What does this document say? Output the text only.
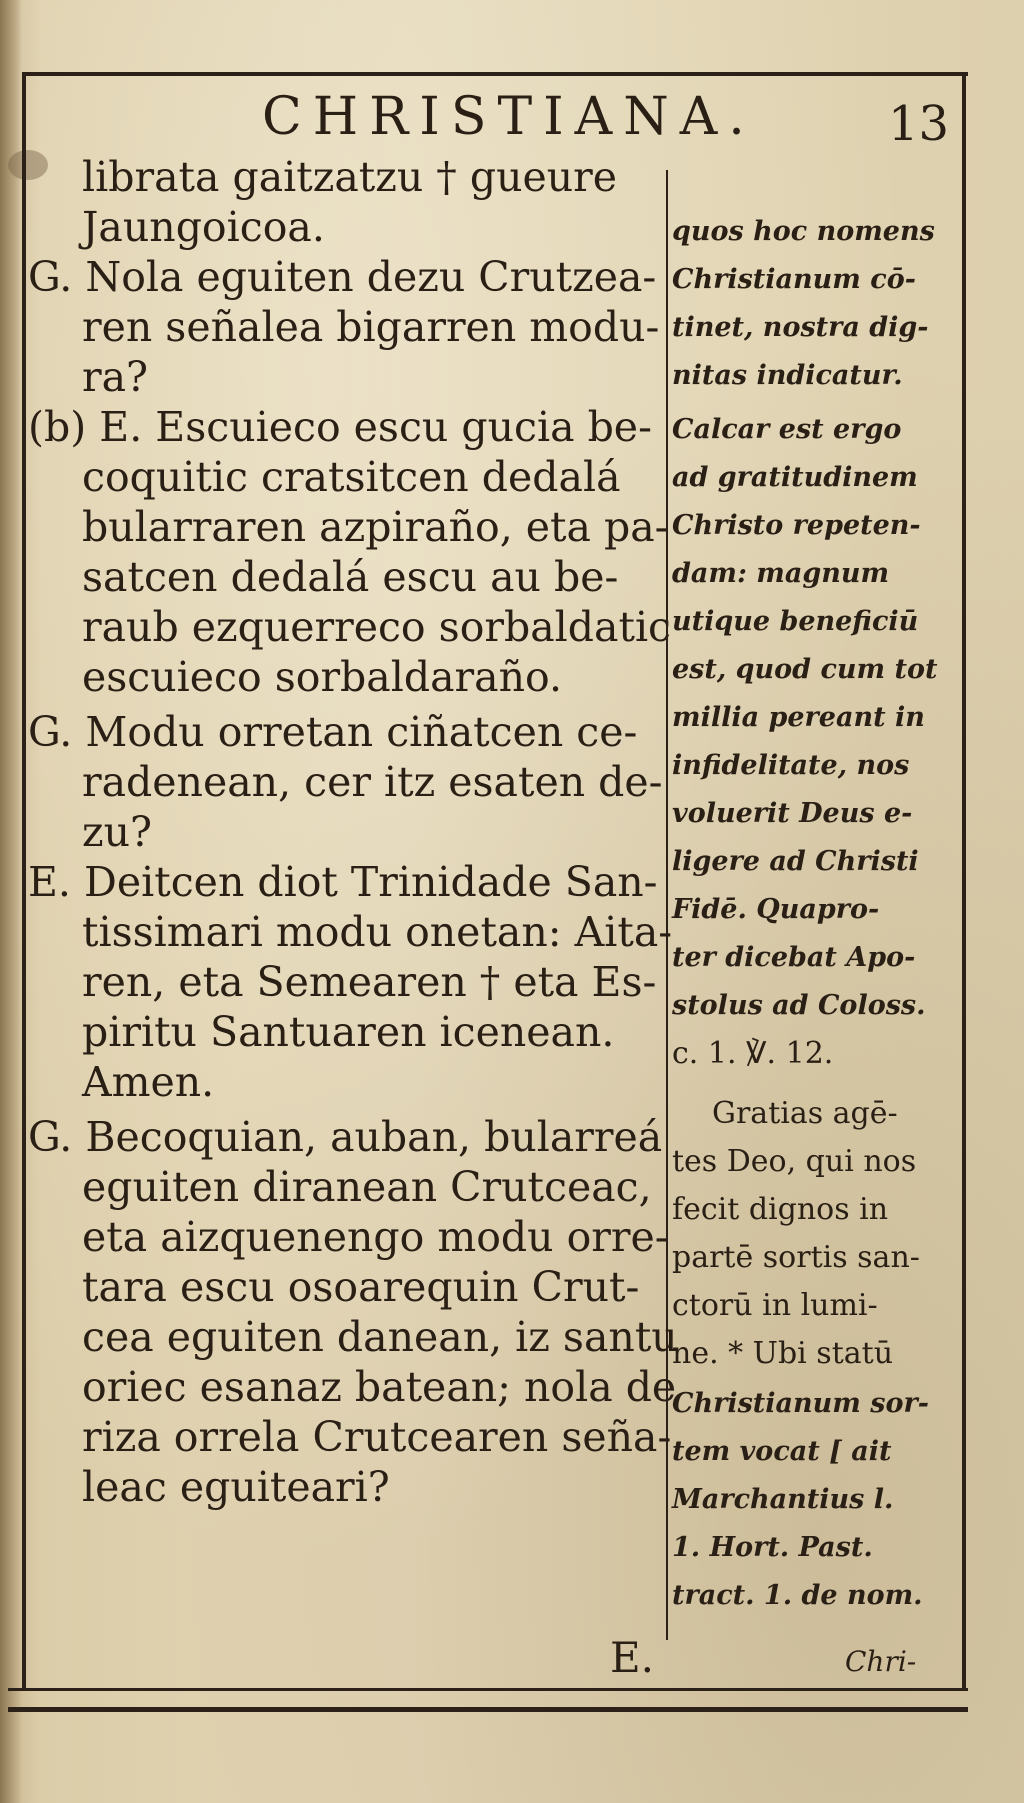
CHRISTIANA.	13
librata gaitzatzu † gueure
Jaungoicoa.
G. Nola eguiten dezu Crutzea-
ren señalea bigarren modu-
ra?
(b) E. Escuieco escu gucia be-
coquitic cratsitcen dedalá
bularraren azpiraño, eta pa-
satcen dedalá escu au be-
raub ezquerreco sorbaldatic
escuieco sorbaldaraño.
G. Modu orretan ciñatcen ce-
radenean, cer itz esaten de-
zu?
E. Deitcen diot Trinidade San-
tissimari modu onetan: Aita-
ren, eta Semearen † eta Es-
piritu Santuaren icenean.
Amen.
G. Becoquian, auban, bularreá
eguiten diranean Crutceac,
eta aizquenengo modu orre-
tara escu osoarequin Crut-
cea eguiten danean, iz santu
oriec esanaz batean; nola de
riza orrela Crutcearen seña-
leac eguiteari?
E.
quos hoc nomens
Christianum cō-
tinet, nostra dig-
nitas indicatur.
Calcar est ergo
ad gratitudinem
Christo repeten-
dam: magnum
utique beneficiū
est, quod cum tot
millia pereant in
infidelitate, nos
voluerit Deus e-
ligere ad Christi
Fidē. Quapro-
ter dicebat Apo-
stolus ad Coloss.
c. 1. ℣. 12.
Gratias agē-
tes Deo, qui nos
fecit dignos in
partē sortis san-
ctorū in lumi-
ne. * Ubi statū
Christianum sor-
tem vocat [ ait
Marchantius l.
1. Hort. Past.
tract. 1. de nom.
Chri-
